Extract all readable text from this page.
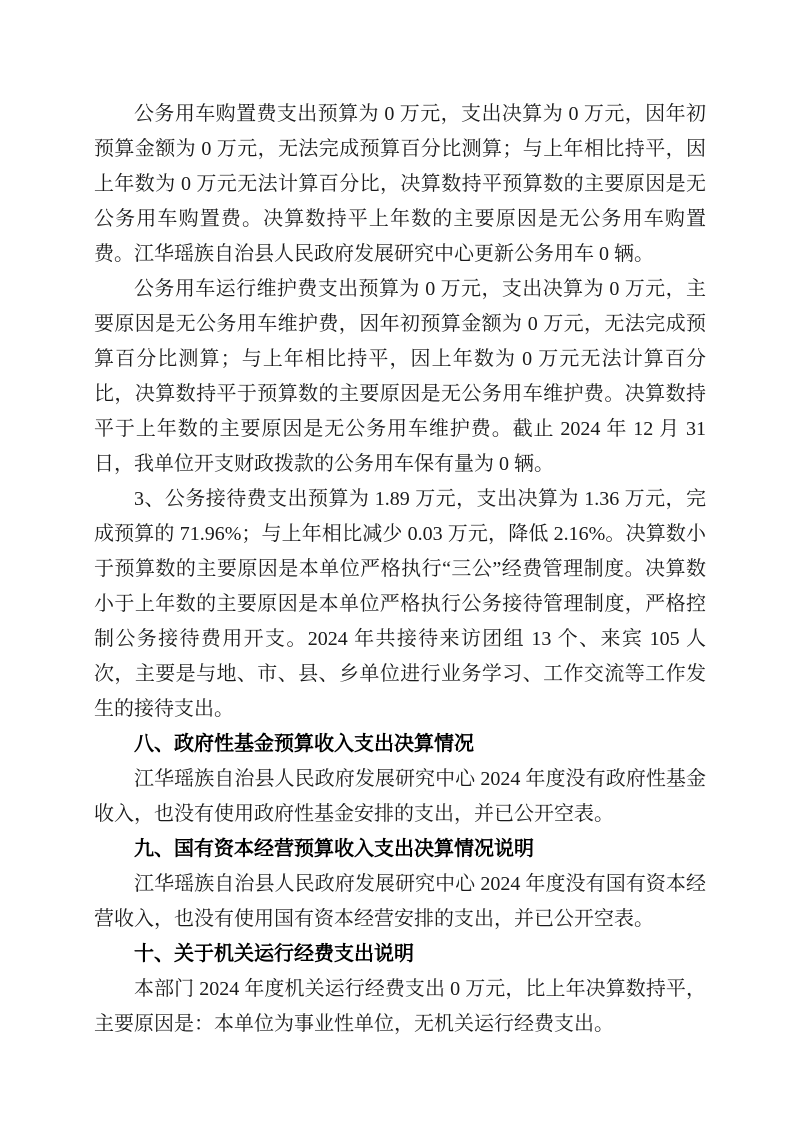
公务用车购置费支出预算为 0 万元，支出决算为 0 万元，因年初预算金额为 0 万元，无法完成预算百分比测算；与上年相比持平，因上年数为 0 万元无法计算百分比，决算数持平预算数的主要原因是无公务用车购置费。决算数持平上年数的主要原因是无公务用车购置费。江华瑶族自治县人民政府发展研究中心更新公务用车 0 辆。

公务用车运行维护费支出预算为 0 万元，支出决算为 0 万元，主要原因是无公务用车维护费，因年初预算金额为 0 万元，无法完成预算百分比测算；与上年相比持平，因上年数为 0 万元无法计算百分比，决算数持平于预算数的主要原因是无公务用车维护费。决算数持平于上年数的主要原因是无公务用车维护费。截止 2024 年 12 月 31 日，我单位开支财政拨款的公务用车保有量为 0 辆。

3、公务接待费支出预算为 1.89 万元，支出决算为 1.36 万元，完成预算的 71.96%；与上年相比减少 0.03 万元，降低 2.16%。决算数小于预算数的主要原因是本单位严格执行“三公”经费管理制度。决算数小于上年数的主要原因是本单位严格执行公务接待管理制度，严格控制公务接待费用开支。2024 年共接待来访团组 13 个、来宾 105 人次，主要是与地、市、县、乡单位进行业务学习、工作交流等工作发生的接待支出。

八、政府性基金预算收入支出决算情况

江华瑶族自治县人民政府发展研究中心 2024 年度没有政府性基金收入，也没有使用政府性基金安排的支出，并已公开空表。

九、国有资本经营预算收入支出决算情况说明

江华瑶族自治县人民政府发展研究中心 2024 年度没有国有资本经营收入，也没有使用国有资本经营安排的支出，并已公开空表。

十、关于机关运行经费支出说明

本部门 2024 年度机关运行经费支出 0 万元，比上年决算数持平，主要原因是：本单位为事业性单位，无机关运行经费支出。
